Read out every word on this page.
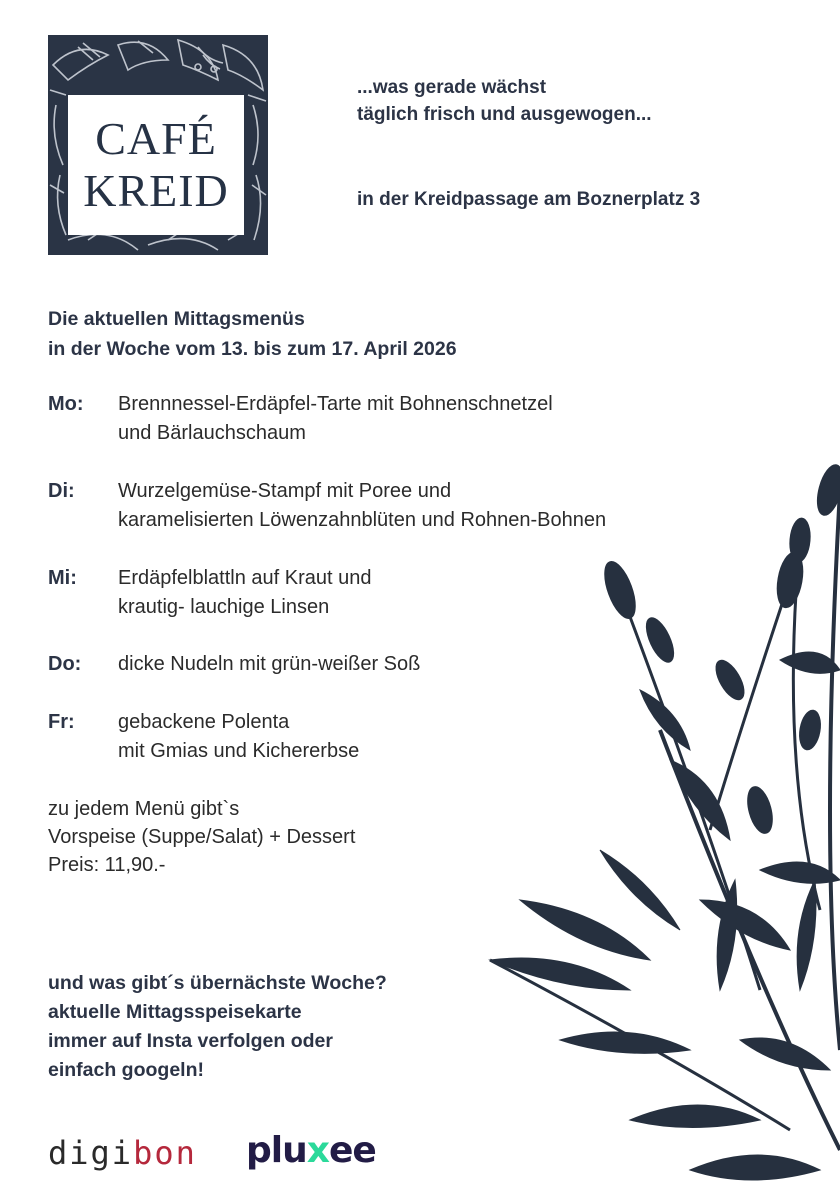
CAFÉ
KREID
...was gerade wächst
täglich frisch und ausgewogen...
in der Kreidpassage am Boznerplatz 3
Die aktuellen Mittagsmenüs
in der Woche vom 13. bis zum 17. April 2026
Mo:	Brennnessel-Erdäpfel-Tarte mit Bohnenschnetzel
und Bärlauchschaum
Di:	Wurzelgemüse-Stampf mit Poree und
karamelisierten Löwenzahnblüten und Rohnen-Bohnen
Mi:	Erdäpfelblattln auf Kraut und
krautig- lauchige Linsen
Do:	dicke Nudeln mit grün-weißer Soß
Fr:	gebackene Polenta
mit Gmias und Kichererbse
zu jedem Menü gibt`s
Vorspeise (Suppe/Salat) + Dessert
Preis: 11,90.-
und was gibt´s übernächste Woche?
aktuelle Mittagsspeisekarte
immer auf Insta verfolgen oder
einfach googeln!
digibon pluxee
